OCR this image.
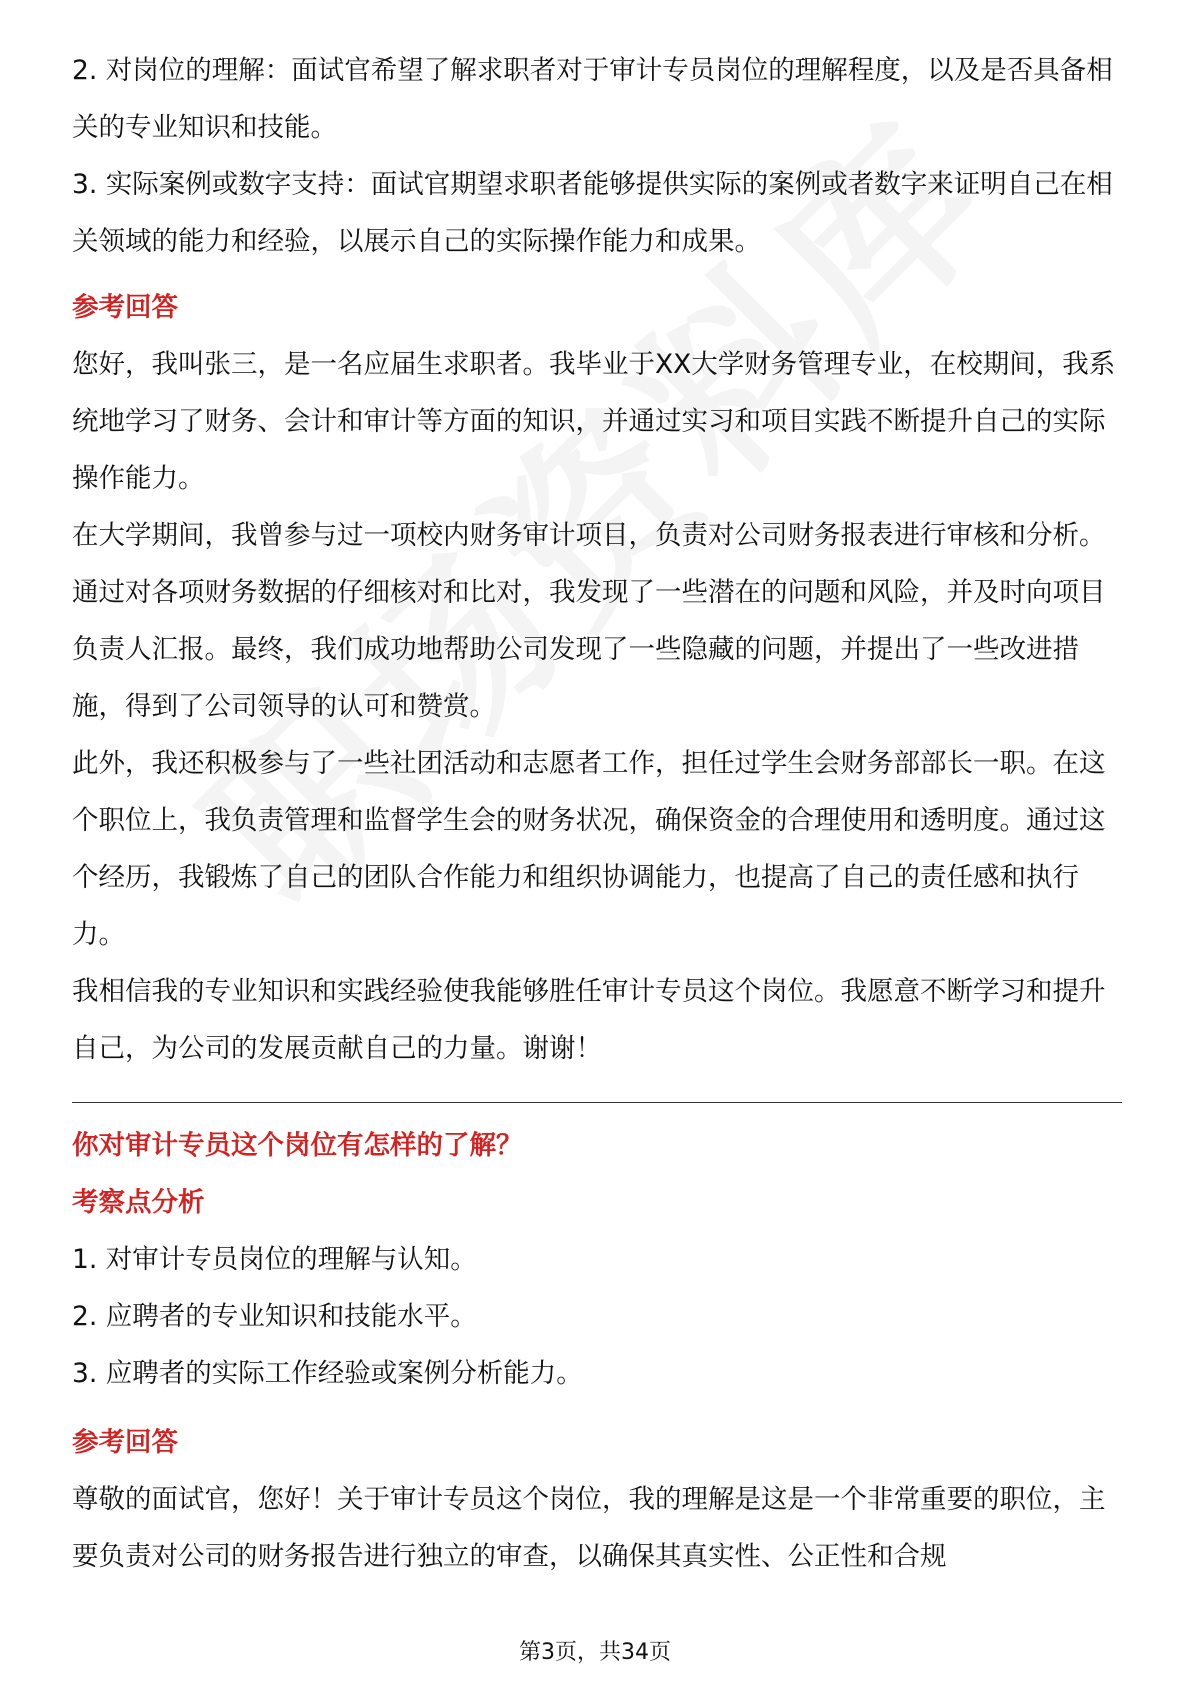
2. 对岗位的理解：面试官希望了解求职者对于审计专员岗位的理解程度，以及是否具备相关的专业知识和技能。

3. 实际案例或数字支持：面试官期望求职者能够提供实际的案例或者数字来证明自己在相关领域的能力和经验，以展示自己的实际操作能力和成果。

参考回答

您好，我叫张三，是一名应届生求职者。我毕业于XX大学财务管理专业，在校期间，我系统地学习了财务、会计和审计等方面的知识，并通过实习和项目实践不断提升自己的实际操作能力。

在大学期间，我曾参与过一项校内财务审计项目，负责对公司财务报表进行审核和分析。通过对各项财务数据的仔细核对和比对，我发现了一些潜在的问题和风险，并及时向项目负责人汇报。最终，我们成功地帮助公司发现了一些隐藏的问题，并提出了一些改进措施，得到了公司领导的认可和赞赏。

此外，我还积极参与了一些社团活动和志愿者工作，担任过学生会财务部部长一职。在这个职位上，我负责管理和监督学生会的财务状况，确保资金的合理使用和透明度。通过这个经历，我锻炼了自己的团队合作能力和组织协调能力，也提高了自己的责任感和执行力。

我相信我的专业知识和实践经验使我能够胜任审计专员这个岗位。我愿意不断学习和提升自己，为公司的发展贡献自己的力量。谢谢！

你对审计专员这个岗位有怎样的了解？

考察点分析

1. 对审计专员岗位的理解与认知。

2. 应聘者的专业知识和技能水平。

3. 应聘者的实际工作经验或案例分析能力。

参考回答

尊敬的面试官，您好！关于审计专员这个岗位，我的理解是这是一个非常重要的职位，主要负责对公司的财务报告进行独立的审查，以确保其真实性、公正性和合规

第3页，共34页
